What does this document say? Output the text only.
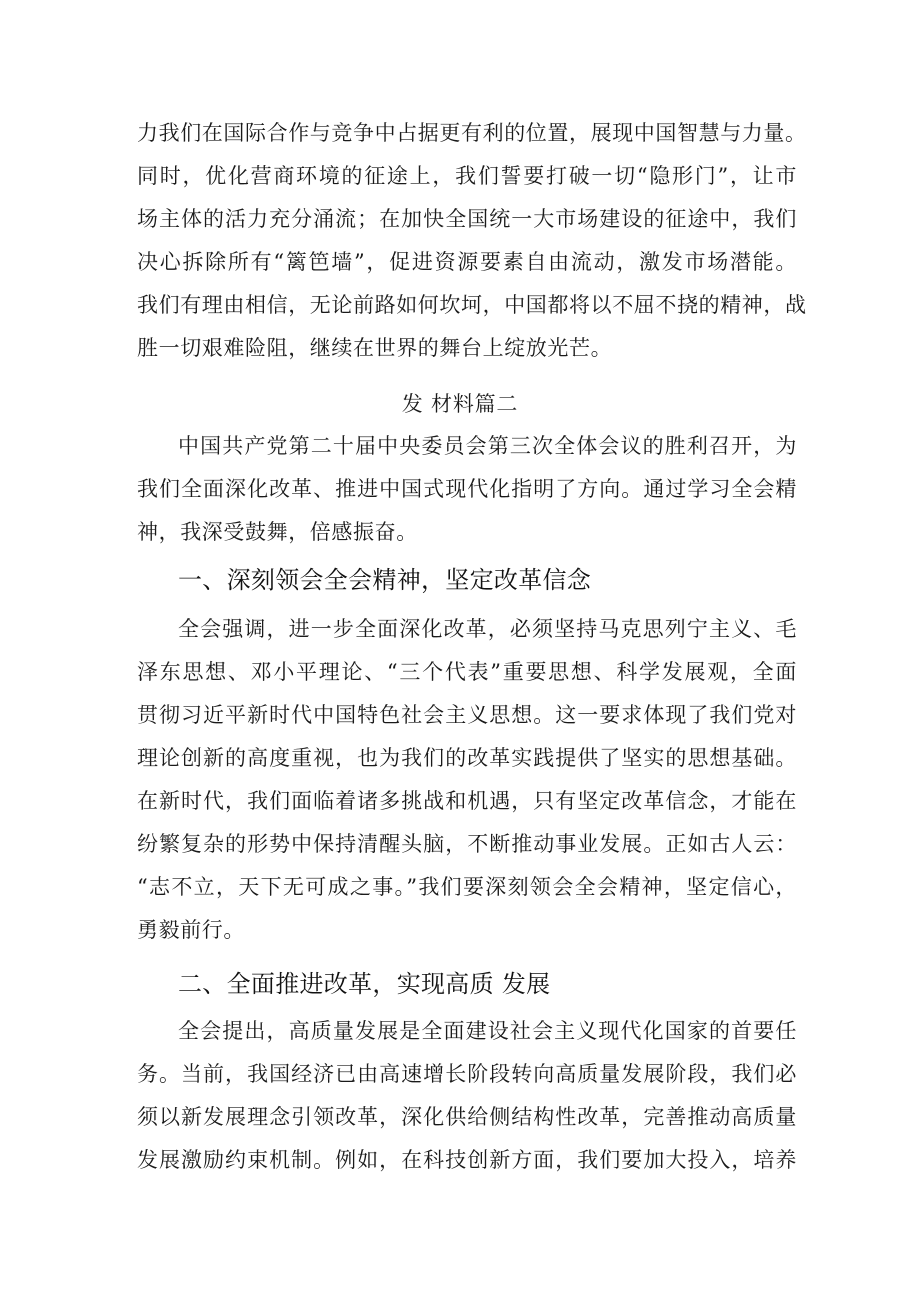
力我们在国际合作与竞争中占据更有利的位置，展现中国智慧与力量。
同时，优化营商环境的征途上，我们誓要打破一切“隐形门”，让市
场主体的活力充分涌流；在加快全国统一大市场建设的征途中，我们
决心拆除所有“篱笆墙”，促进资源要素自由流动，激发市场潜能。
我们有理由相信，无论前路如何坎坷，中国都将以不屈不挠的精神，战
胜一切艰难险阻，继续在世界的舞台上绽放光芒。
发 材料篇二
中国共产党第二十届中央委员会第三次全体会议的胜利召开，为
我们全面深化改革、推进中国式现代化指明了方向。通过学习全会精
神，我深受鼓舞，倍感振奋。
一、深刻领会全会精神，坚定改革信念
全会强调，进一步全面深化改革，必须坚持马克思列宁主义、毛
泽东思想、邓小平理论、“三个代表”重要思想、科学发展观，全面
贯彻习近平新时代中国特色社会主义思想。这一要求体现了我们党对
理论创新的高度重视，也为我们的改革实践提供了坚实的思想基础。
在新时代，我们面临着诸多挑战和机遇，只有坚定改革信念，才能在
纷繁复杂的形势中保持清醒头脑，不断推动事业发展。正如古人云：
“志不立，天下无可成之事。”我们要深刻领会全会精神，坚定信心，
勇毅前行。
二、全面推进改革，实现高质 发展
全会提出，高质量发展是全面建设社会主义现代化国家的首要任
务。当前，我国经济已由高速增长阶段转向高质量发展阶段，我们必
须以新发展理念引领改革，深化供给侧结构性改革，完善推动高质量
发展激励约束机制。例如，在科技创新方面，我们要加大投入，培养
